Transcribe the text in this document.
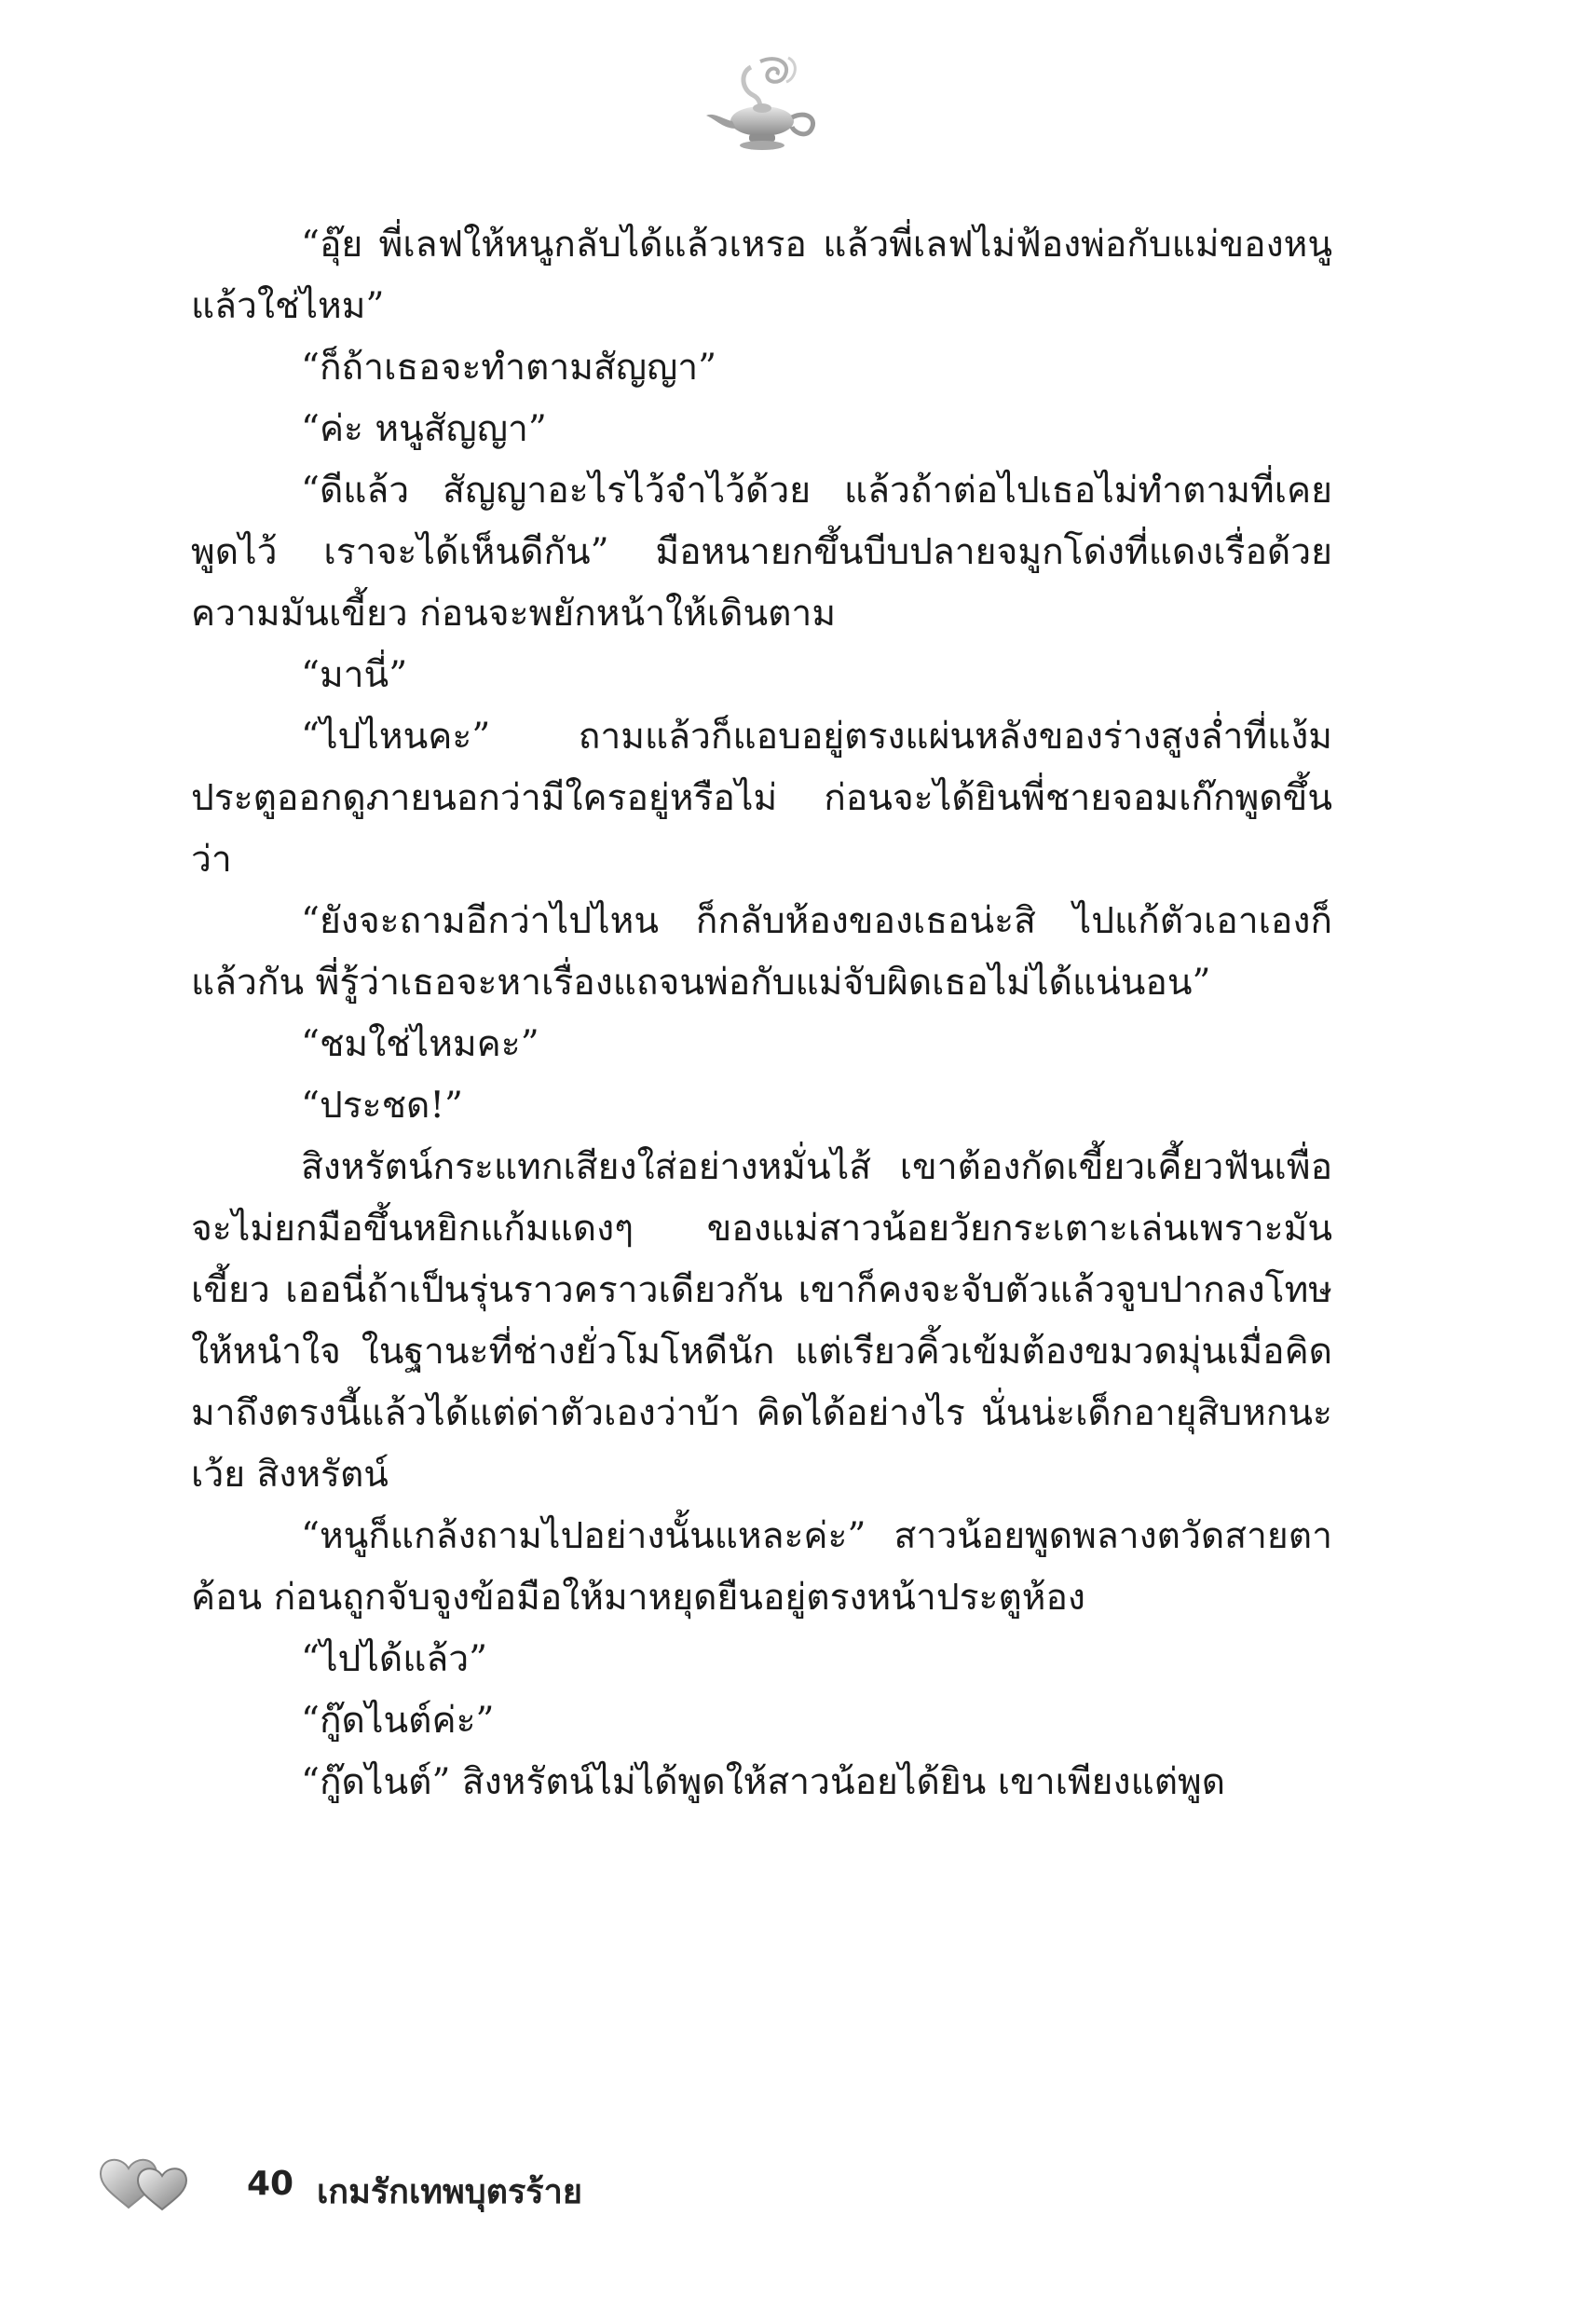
“อุ๊ย พี่เลฟให้หนูกลับได้แล้วเหรอ แล้วพี่เลฟไม่ฟ้องพ่อกับแม่ของหนูแล้วใช่ไหม”

“ก็ถ้าเธอจะทำตามสัญญา”

“ค่ะ หนูสัญญา”

“ดีแล้ว สัญญาอะไรไว้จำไว้ด้วย แล้วถ้าต่อไปเธอไม่ทำตามที่เคยพูดไว้ เราจะได้เห็นดีกัน” มือหนายกขึ้นบีบปลายจมูกโด่งที่แดงเรื่อด้วยความมันเขี้ยว ก่อนจะพยักหน้าให้เดินตาม

“มานี่”

“ไปไหนคะ” ถามแล้วก็แอบอยู่ตรงแผ่นหลังของร่างสูงล่ำที่แง้มประตูออกดูภายนอกว่ามีใครอยู่หรือไม่ ก่อนจะได้ยินพี่ชายจอมเก๊กพูดขึ้นว่า

“ยังจะถามอีกว่าไปไหน ก็กลับห้องของเธอน่ะสิ ไปแก้ตัวเอาเองก็แล้วกัน พี่รู้ว่าเธอจะหาเรื่องแถจนพ่อกับแม่จับผิดเธอไม่ได้แน่นอน”

“ชมใช่ไหมคะ”

“ประชด!”

สิงหรัตน์กระแทกเสียงใส่อย่างหมั่นไส้ เขาต้องกัดเขี้ยวเคี้ยวฟันเพื่อจะไม่ยกมือขึ้นหยิกแก้มแดงๆ ของแม่สาวน้อยวัยกระเตาะเล่นเพราะมันเขี้ยว เออนี่ถ้าเป็นรุ่นราวคราวเดียวกัน เขาก็คงจะจับตัวแล้วจูบปากลงโทษให้หนำใจ ในฐานะที่ช่างยั่วโมโหดีนัก แต่เรียวคิ้วเข้มต้องขมวดมุ่นเมื่อคิดมาถึงตรงนี้แล้วได้แต่ด่าตัวเองว่าบ้า คิดได้อย่างไร นั่นน่ะเด็กอายุสิบหกนะเว้ย สิงหรัตน์

“หนูก็แกล้งถามไปอย่างนั้นแหละค่ะ” สาวน้อยพูดพลางตวัดสายตาค้อน ก่อนถูกจับจูงข้อมือให้มาหยุดยืนอยู่ตรงหน้าประตูห้อง

“ไปได้แล้ว”

“กู๊ดไนต์ค่ะ”

“กู๊ดไนต์” สิงหรัตน์ไม่ได้พูดให้สาวน้อยได้ยิน เขาเพียงแต่พูด

40 เกมรักเทพบุตรร้าย
